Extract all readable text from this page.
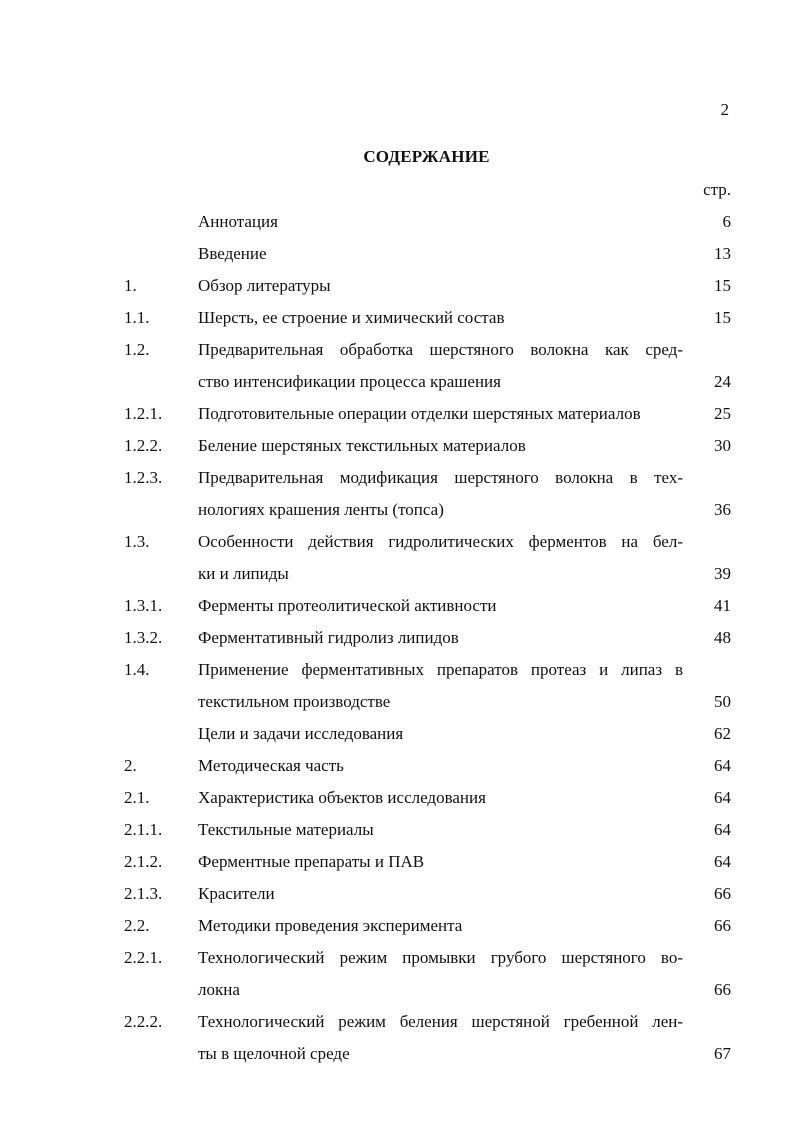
2
СОДЕРЖАНИЕ
стр.
Аннотация	6
Введение	13
1.	Обзор литературы	15
1.1.	Шерсть, ее строение и химический состав	15
1.2.	Предварительная обработка шерстяного волокна как сред-
ство интенсификации процесса крашения	24
1.2.1. Подготовительные операции отделки шерстяных материалов	25
1.2.2. Беление шерстяных текстильных материалов	30
1.2.3. Предварительная модификация шерстяного волокна в тех-
нологиях крашения ленты (топса)	36
1.3.	Особенности действия гидролитических ферментов на бел-
ки и липиды	39
1.3.1. Ферменты протеолитической активности	41
1.3.2. Ферментативный гидролиз липидов	48
1.4.	Применение ферментативных препаратов протеаз и липаз в
текстильном производстве	50
Цели и задачи исследования	62
2.	Методическая часть	64
2.1.	Характеристика объектов исследования	64
2.1.1. Текстильные материалы	64
2.1.2. Ферментные препараты и ПАВ	64
2.1.3. Красители	66
2.2.	Методики проведения эксперимента	66
2.2.1. Технологический режим промывки грубого шерстяного во-
локна	66
2.2.2. Технологический режим беления шерстяной гребенной лен-
ты в щелочной среде	67
